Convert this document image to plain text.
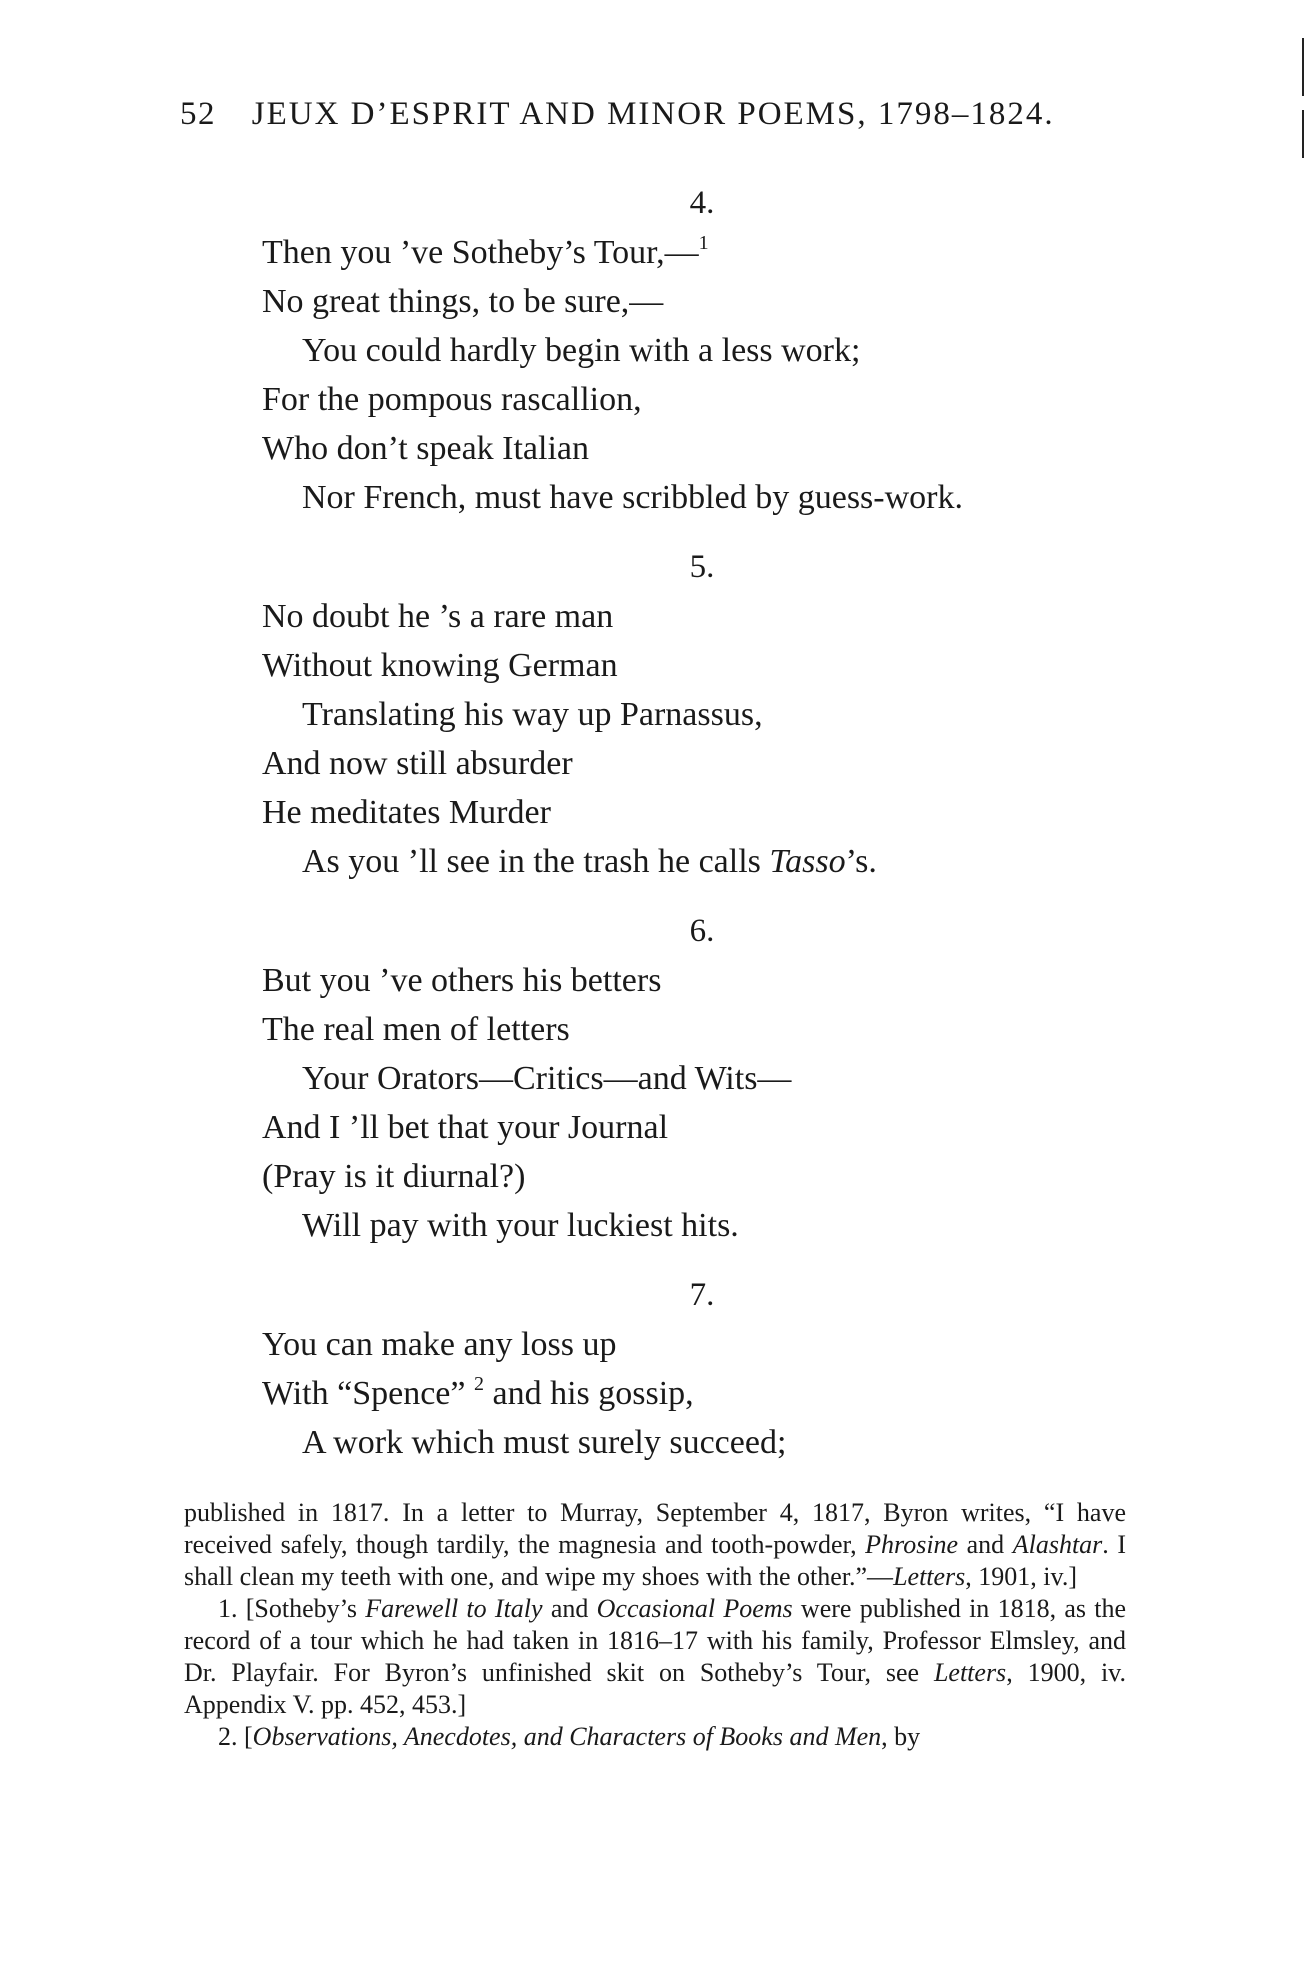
52 JEUX D’ESPRIT AND MINOR POEMS, 1798–1824.
4.
Then you ’ve Sotheby’s Tour,—$^1$
No great things, to be sure,—
You could hardly begin with a less work;
For the pompous rascallion,
Who don’t speak Italian
Nor French, must have scribbled by guess-work.
5.
No doubt he ’s a rare man
Without knowing German
Translating his way up Parnassus,
And now still absurder
He meditates Murder
As you ’ll see in the trash he calls Tasso’s.
6.
But you ’ve others his betters
The real men of letters
Your Orators—Critics—and Wits—
And I ’ll bet that your Journal
(Pray is it diurnal?)
Will pay with your luckiest hits.
7.
You can make any loss up
With “Spence” $^2$ and his gossip,
A work which must surely succeed;

published in 1817. In a letter to Murray, September 4, 1817, Byron writes, “I have received safely, though tardily, the magnesia and tooth-powder, Phrosine and Alashtar. I shall clean my teeth with one, and wipe my shoes with the other.”—Letters, 1901, iv.]

1. [Sotheby’s Farewell to Italy and Occasional Poems were published in 1818, as the record of a tour which he had taken in 1816–17 with his family, Professor Elmsley, and Dr. Playfair. For Byron’s unfinished skit on Sotheby’s Tour, see Letters, 1900, iv. Appendix V. pp. 452, 453.]

2. [Observations, Anecdotes, and Characters of Books and Men, by
